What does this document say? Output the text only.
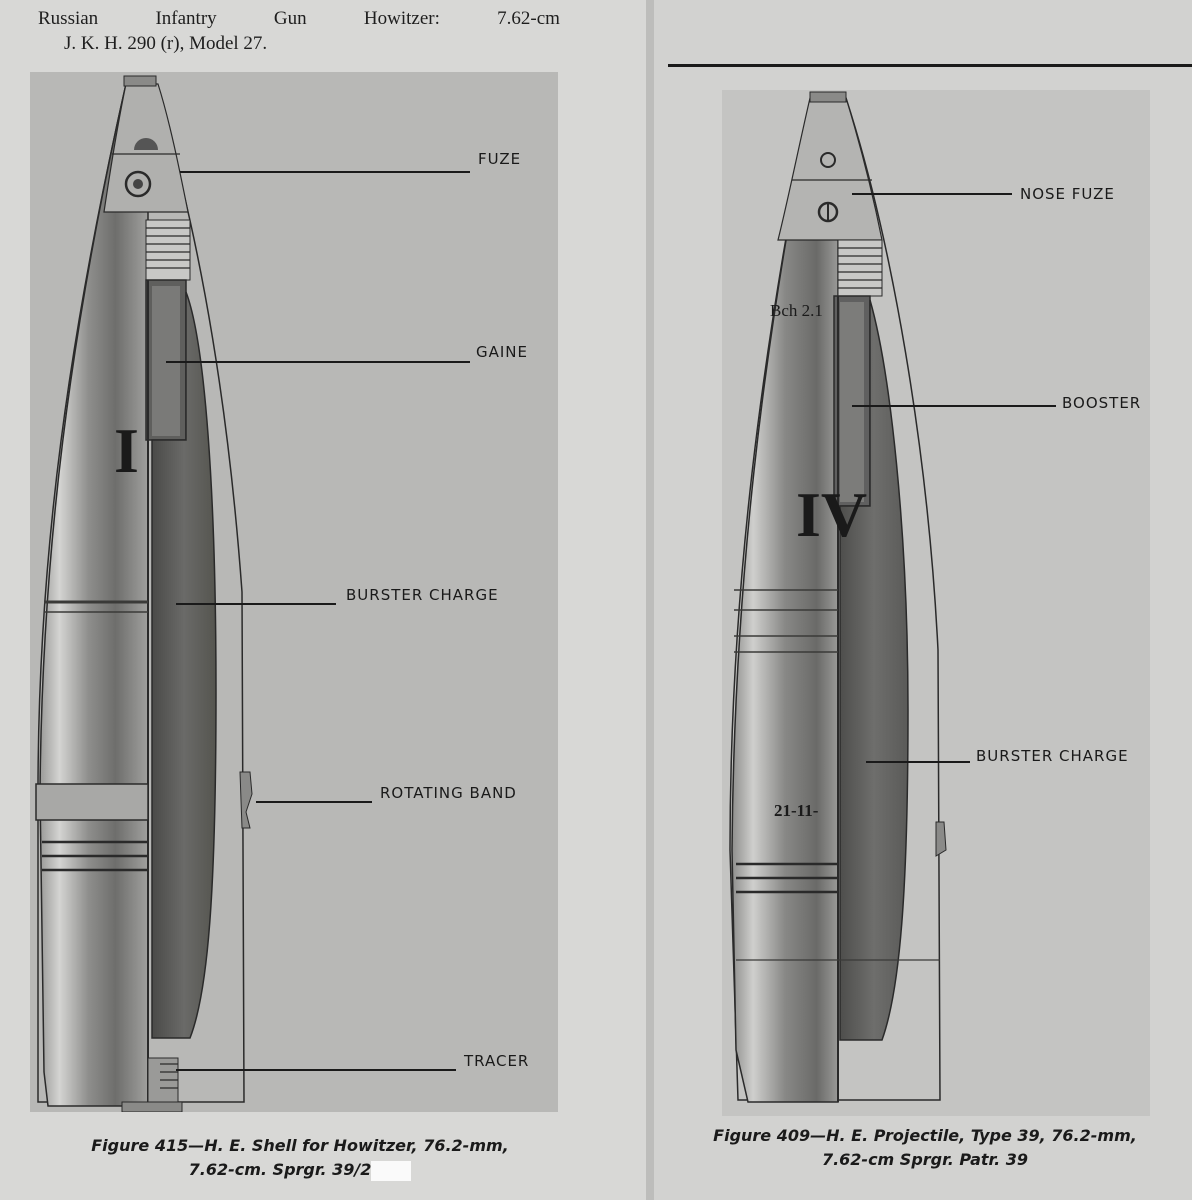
Russian	Infantry	Gun	Howitzer:	7.62-cm
J. K. H. 290 (r), Model 27.
I
FUZE
GAINE
BURSTER CHARGE
ROTATING BAND
TRACER
Figure 415—H. E. Shell for Howitzer, 76.2-mm,
7.62-cm. Sprgr. 39/2
Bch 2.1
21-11-
IV
NOSE FUZE
BOOSTER
BURSTER CHARGE
Figure 409—H. E. Projectile, Type 39, 76.2-mm,
7.62-cm Sprgr. Patr. 39
